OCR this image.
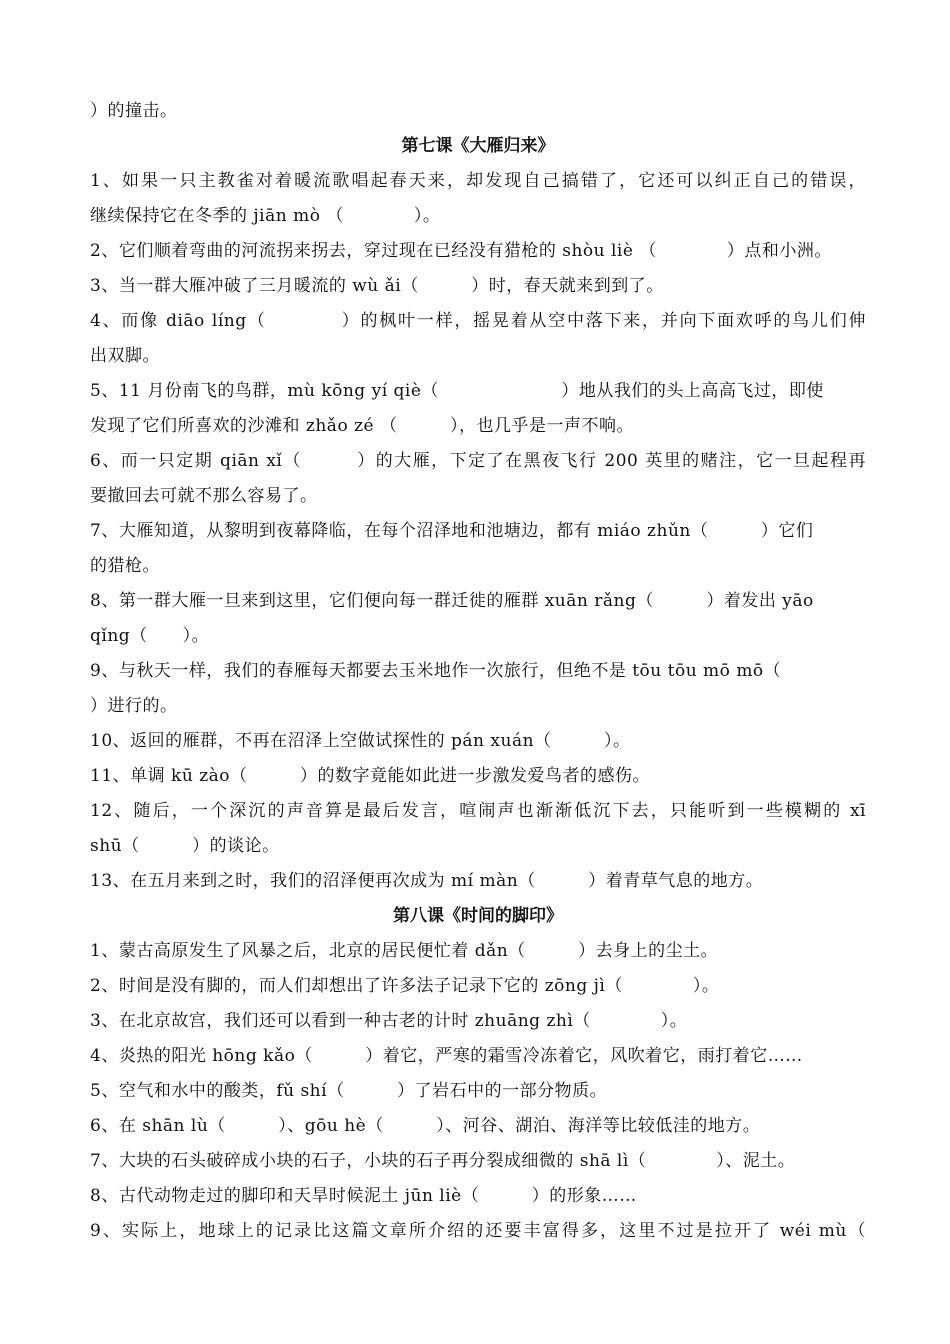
）的撞击。
第七课《大雁归来》
1、如果一只主教雀对着暖流歌唱起春天来，却发现自己搞错了，它还可以纠正自己的错误，
继续保持它在冬季的 jiān mò （　　　　）。
2、它们顺着弯曲的河流拐来拐去，穿过现在已经没有猎枪的 shòu liè （　　　　）点和小洲。
3、当一群大雁冲破了三月暖流的 wù ǎi（　　　）时，春天就来到到了。
4、而像 diāo líng（　　　　）的枫叶一样，摇晃着从空中落下来，并向下面欢呼的鸟儿们伸
出双脚。
5、11 月份南飞的鸟群，mù kōng yí qiè（　　　　　　　）地从我们的头上高高飞过，即使
发现了它们所喜欢的沙滩和 zhǎo zé （　　　），也几乎是一声不响。
6、而一只定期 qiān xǐ（　　　）的大雁，下定了在黑夜飞行 200 英里的赌注，它一旦起程再
要撤回去可就不那么容易了。
7、大雁知道，从黎明到夜幕降临，在每个沼泽地和池塘边，都有 miáo zhǔn（　　　）它们
的猎枪。
8、第一群大雁一旦来到这里，它们便向每一群迁徙的雁群 xuān rǎng（　　　）着发出 yāo
qǐng（　　）。
9、与秋天一样，我们的春雁每天都要去玉米地作一次旅行，但绝不是 tōu tōu mō mō（
）进行的。
10、返回的雁群，不再在沼泽上空做试探性的 pán xuán（　　　）。
11、单调 kū zào（　　　）的数字竟能如此进一步激发爱鸟者的感伤。
12、随后，一个深沉的声音算是最后发言，喧闹声也渐渐低沉下去，只能听到一些模糊的 xī
shū（　　　）的谈论。
13、在五月来到之时，我们的沼泽便再次成为 mí màn（　　　）着青草气息的地方。
第八课《时间的脚印》
1、蒙古高原发生了风暴之后，北京的居民便忙着 dǎn（　　　）去身上的尘土。
2、时间是没有脚的，而人们却想出了许多法子记录下它的 zōng jì（　　　　）。
3、在北京故宫，我们还可以看到一种古老的计时 zhuāng zhì（　　　　）。
4、炎热的阳光 hōng kǎo（　　　）着它，严寒的霜雪冷冻着它，风吹着它，雨打着它……
5、空气和水中的酸类，fǔ shí（　　　）了岩石中的一部分物质。
6、在 shān lù（　　　）、gōu hè（　　　）、河谷、湖泊、海洋等比较低洼的地方。
7、大块的石头破碎成小块的石子，小块的石子再分裂成细微的 shā lì（　　　　）、泥土。
8、古代动物走过的脚印和天旱时候泥土 jūn liè（　　　）的形象……
9、实际上，地球上的记录比这篇文章所介绍的还要丰富得多，这里不过是拉开了 wéi mù（
